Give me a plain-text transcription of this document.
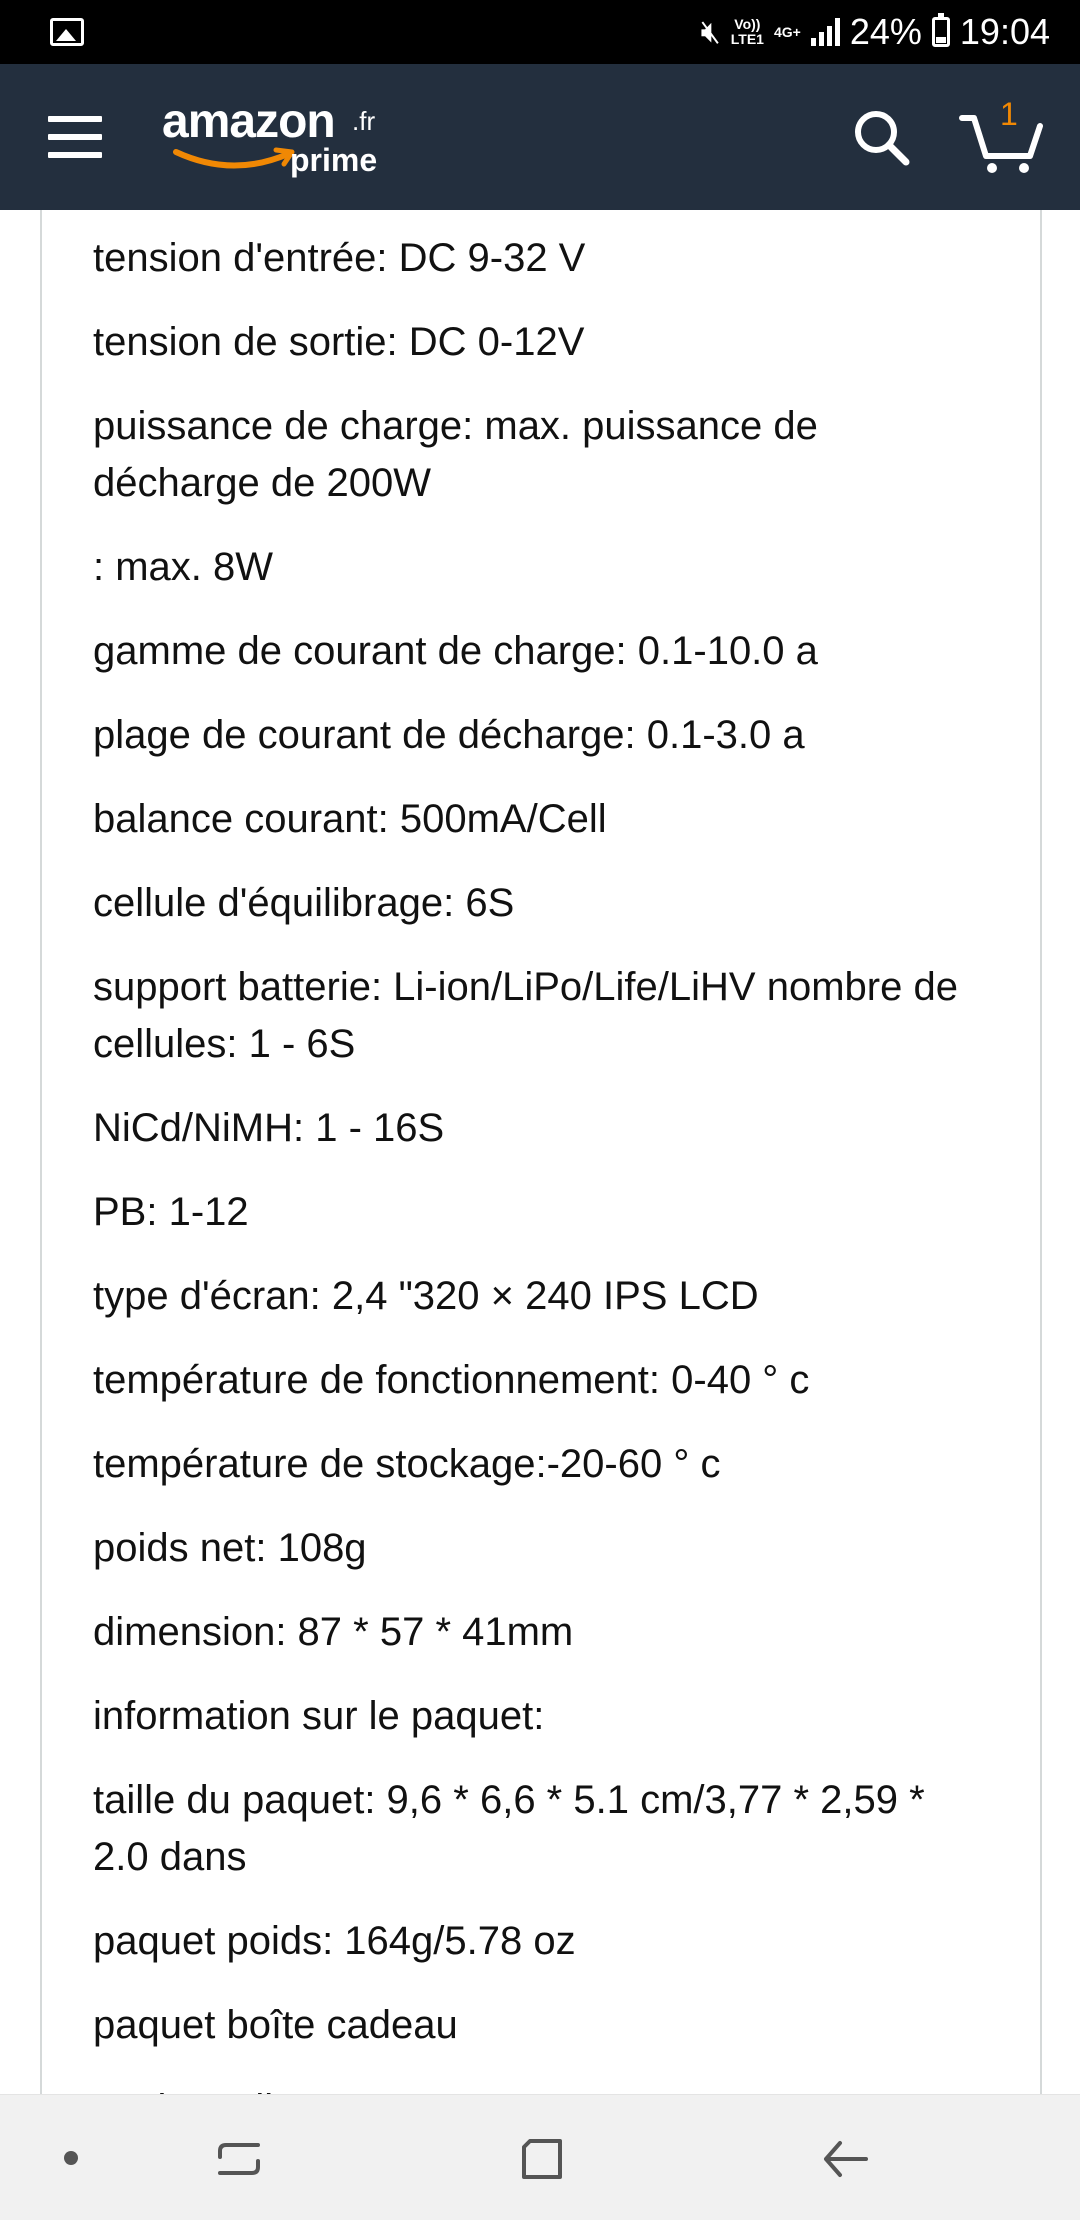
🔇︎ Vo))
LTE1 4G+ 24% 19:04
amazon .fr
prime
1
tension d'entrée: DC 9-32 V
tension de sortie: DC 0-12V
puissance de charge: max. puissance de décharge de 200W
: max. 8W
gamme de courant de charge: 0.1-10.0 a
plage de courant de décharge: 0.1-3.0 a
balance courant: 500mA/Cell
cellule d'équilibrage: 6S
support batterie: Li-ion/LiPo/Life/LiHV nombre de cellules: 1 - 6S
NiCd/NiMH: 1 - 16S
PB: 1-12
type d'écran: 2,4 "320 × 240 IPS LCD
température de fonctionnement: 0-40 ° c
température de stockage:-20-60 ° c
poids net: 108g
dimension: 87 * 57 * 41mm
information sur le paquet:
taille du paquet: 9,6 * 6,6 * 5.1 cm/3,77 * 2,59 * 2.0 dans
paquet poids: 164g/5.78 oz
paquet boîte cadeau
